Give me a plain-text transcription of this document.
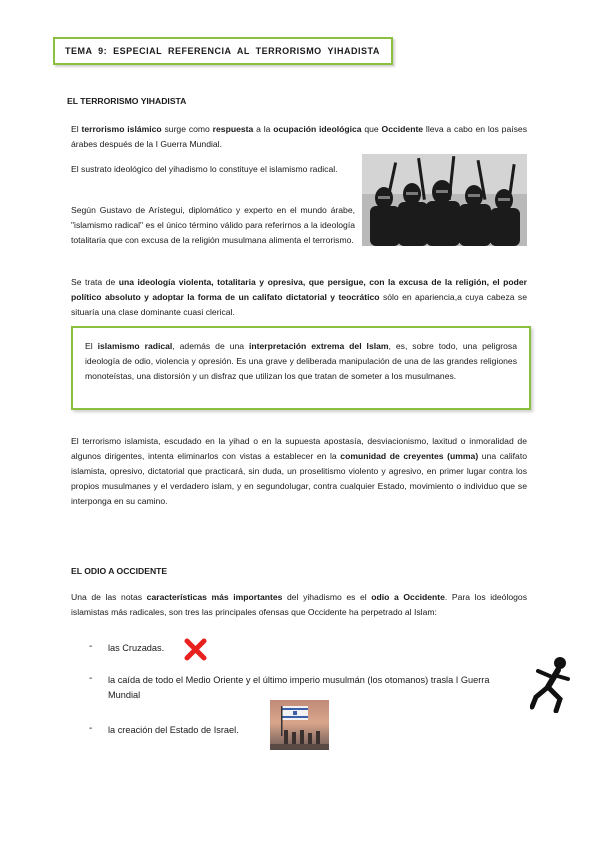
TEMA 9: ESPECIAL REFERENCIA AL TERRORISMO YIHADISTA
EL TERRORISMO YIHADISTA

El terrorismo islámico surge como respuesta a la ocupación ideológica que Occidente lleva a cabo en los países árabes después de la I Guerra Mundial.

El sustrato ideológico del yihadismo lo constituye el islamismo radical.

Según Gustavo de Arístegui, diplomático y experto en el mundo árabe, "islamismo radical" es el único término válido para referirnos a la ideología totalitaria que con excusa de la religión musulmana alimenta el terrorismo.

Se trata de una ideología violenta, totalitaria y opresiva, que persigue, con la excusa de la religión, el poder político absoluto y adoptar la forma de un califato dictatorial y teocrático sólo en apariencia,a cuya cabeza se situaría una clase dominante cuasi clerical.

El islamismo radical, además de una interpretación extrema del Islam, es, sobre todo, una peligrosa ideología de odio, violencia y opresión. Es una grave y deliberada manipulación de una de las grandes religiones monoteístas, una distorsión y un disfraz que utilizan los que tratan de someter a los musulmanes.

El terrorismo islamista, escudado en la yihad o en la supuesta apostasía, desviacionismo, laxitud o inmoralidad de algunos dirigentes, intenta eliminarlos con vistas a establecer en la comunidad de creyentes (umma) una califato islamista, opresivo, dictatorial que practicará, sin duda, un proselitismo violento y agresivo, en primer lugar contra los propios musulmanes y el verdadero islam, y en segundolugar, contra cualquier Estado, movimiento o individuo que se interponga en su camino.

EL ODIO A OCCIDENTE

Una de las notas características más importantes del yihadismo es el odio a Occidente. Para los ideólogos islamistas más radicales, son tres las principales ofensas que Occidente ha perpetrado al Islam:

- las Cruzadas.
- la caída de todo el Medio Oriente y el último imperio musulmán (los otomanos) trasla I Guerra Mundial
- la creación del Estado de Israel.
